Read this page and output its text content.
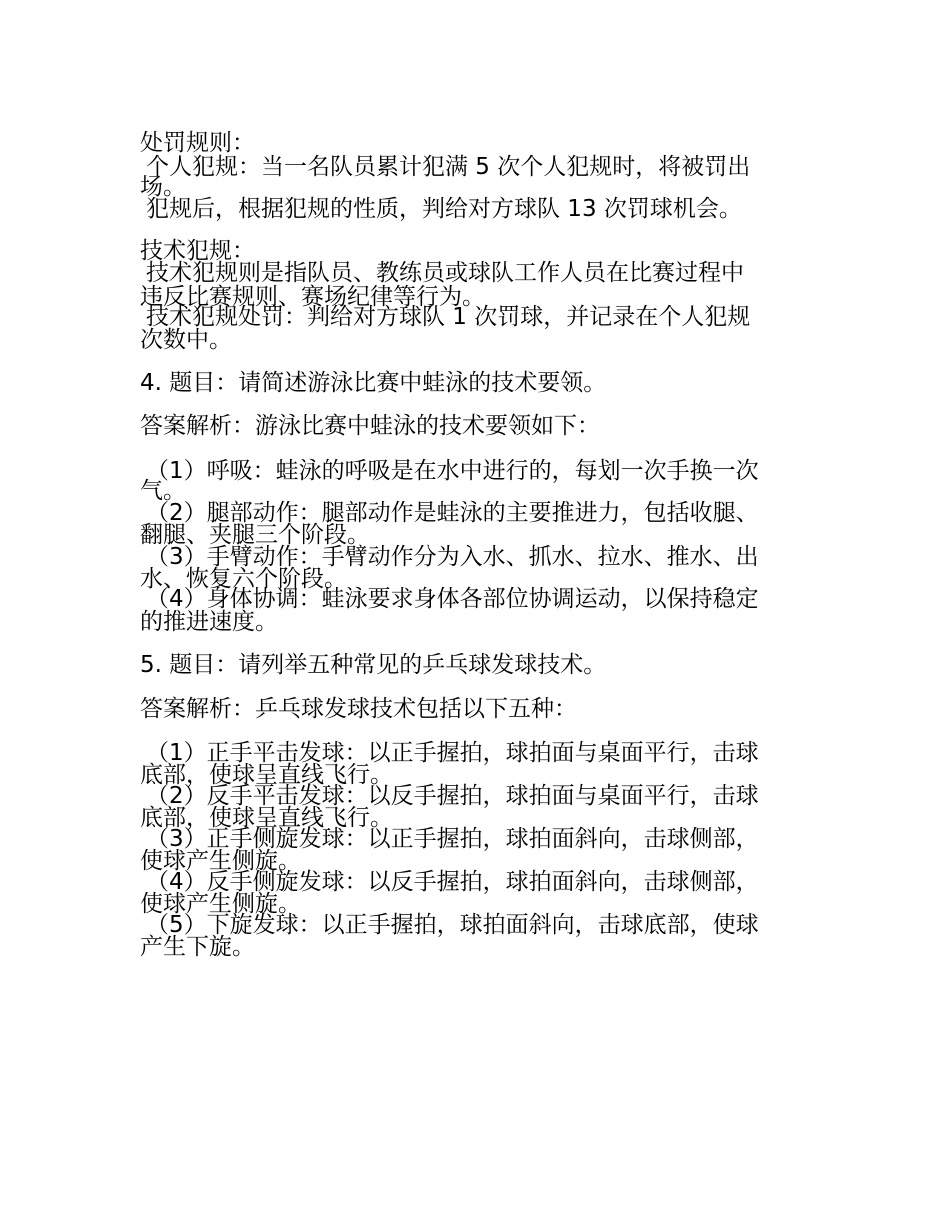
处罚规则：
个人犯规：当一名队员累计犯满 5 次个人犯规时，将被罚出
场。
犯规后，根据犯规的性质，判给对方球队 13 次罚球机会。
技术犯规：
技术犯规则是指队员、教练员或球队工作人员在比赛过程中
违反比赛规则、赛场纪律等行为。
技术犯规处罚：判给对方球队 1 次罚球，并记录在个人犯规
次数中。
4. 题目：请简述游泳比赛中蛙泳的技术要领。
答案解析：游泳比赛中蛙泳的技术要领如下：
（1）呼吸：蛙泳的呼吸是在水中进行的，每划一次手换一次
气。
（2）腿部动作：腿部动作是蛙泳的主要推进力，包括收腿、
翻腿、夹腿三个阶段。
（3）手臂动作：手臂动作分为入水、抓水、拉水、推水、出
水、恢复六个阶段。
（4）身体协调：蛙泳要求身体各部位协调运动，以保持稳定
的推进速度。
5. 题目：请列举五种常见的乒乓球发球技术。
答案解析：乒乓球发球技术包括以下五种：
（1）正手平击发球：以正手握拍，球拍面与桌面平行，击球
底部，使球呈直线飞行。
（2）反手平击发球：以反手握拍，球拍面与桌面平行，击球
底部，使球呈直线飞行。
（3）正手侧旋发球：以正手握拍，球拍面斜向，击球侧部，
使球产生侧旋。
（4）反手侧旋发球：以反手握拍，球拍面斜向，击球侧部，
使球产生侧旋。
（5）下旋发球：以正手握拍，球拍面斜向，击球底部，使球
产生下旋。
